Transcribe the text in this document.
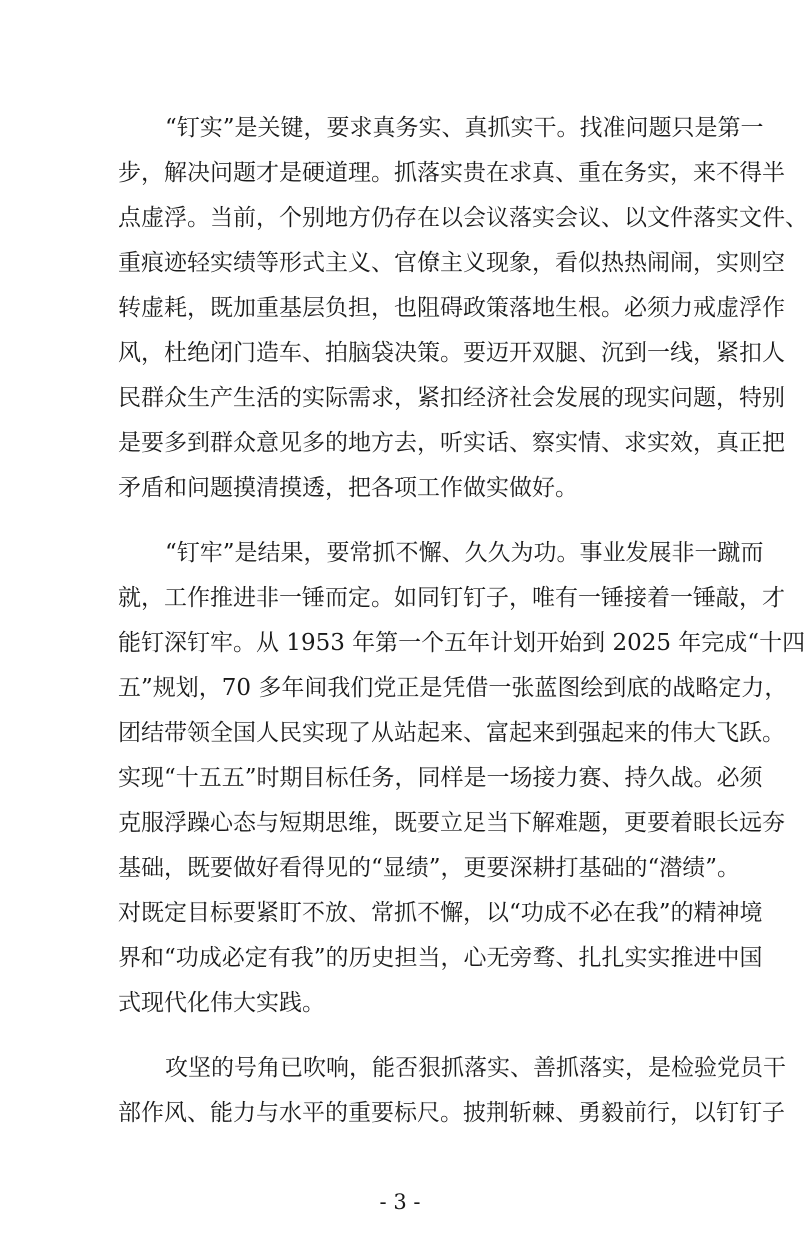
“钉实”是关键，要求真务实、真抓实干。找准问题只是第一
步，解决问题才是硬道理。抓落实贵在求真、重在务实，来不得半
点虚浮。当前，个别地方仍存在以会议落实会议、以文件落实文件、
重痕迹轻实绩等形式主义、官僚主义现象，看似热热闹闹，实则空
转虚耗，既加重基层负担，也阻碍政策落地生根。必须力戒虚浮作
风，杜绝闭门造车、拍脑袋决策。要迈开双腿、沉到一线，紧扣人
民群众生产生活的实际需求，紧扣经济社会发展的现实问题，特别
是要多到群众意见多的地方去，听实话、察实情、求实效，真正把
矛盾和问题摸清摸透，把各项工作做实做好。
“钉牢”是结果，要常抓不懈、久久为功。事业发展非一蹴而
就，工作推进非一锤而定。如同钉钉子，唯有一锤接着一锤敲，才
能钉深钉牢。从 1953 年第一个五年计划开始到 2025 年完成“十四
五”规划，70 多年间我们党正是凭借一张蓝图绘到底的战略定力，
团结带领全国人民实现了从站起来、富起来到强起来的伟大飞跃。
实现“十五五”时期目标任务，同样是一场接力赛、持久战。必须
克服浮躁心态与短期思维，既要立足当下解难题，更要着眼长远夯
基础，既要做好看得见的“显绩”，更要深耕打基础的“潜绩”。
对既定目标要紧盯不放、常抓不懈，以“功成不必在我”的精神境
界和“功成必定有我”的历史担当，心无旁骛、扎扎实实推进中国
式现代化伟大实践。
攻坚的号角已吹响，能否狠抓落实、善抓落实，是检验党员干
部作风、能力与水平的重要标尺。披荆斩棘、勇毅前行，以钉钉子
- 3 -
